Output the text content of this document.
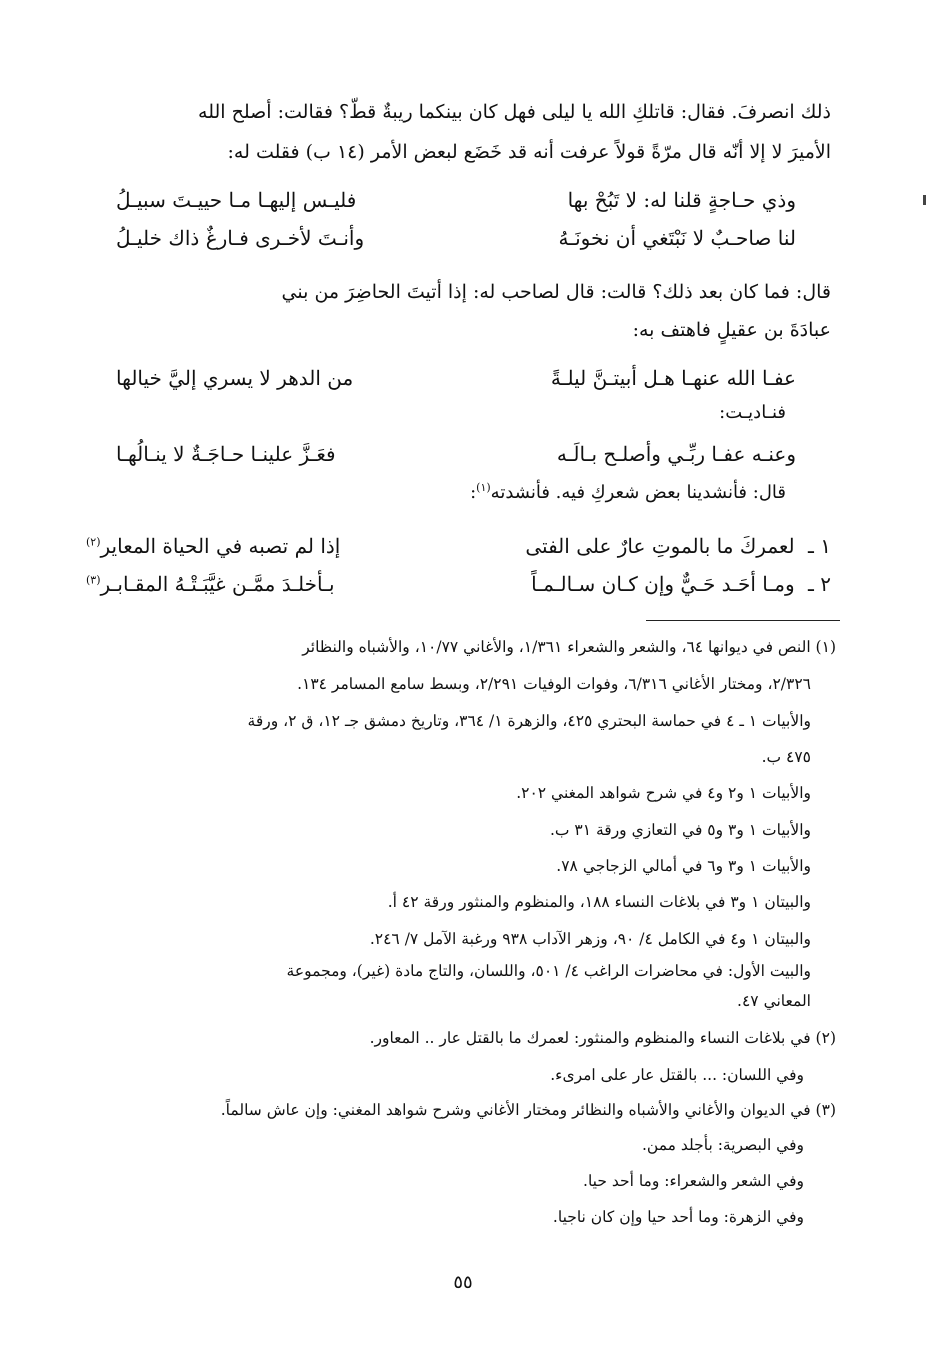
ذلك انصرفَ. فقال: قاتلكِ الله يا ليلى فهل كان بينكما ريبةٌ قطّ؟ فقالت: أصلح الله
الأميرَ لا إلا أنّه قال مرّةً قولاً عرفت أنه قد خَضَع لبعض الأمر (١٤ ب) فقلت له:
وذي حـاجةٍ قلنا له: لا تَبُحْ بها
فليـس إليهـا مـا حييـتَ سبيـلُ
لنا صاحـبٌ لا نَبْتَغي أن نخونَـهُ
وأنـتَ لأخـرى فـارغٌ ذاك خليـلُ
قال: فما كان بعد ذلك؟ قالت: قال لصاحب له: إذا أتيتَ الحاضِرَ من بني
عبادَةَ بن عقيلٍ فاهتف به:
عفـا الله عنهـا هـل أبيتـنَّ ليلـةً
من الدهر لا يسري إليَّ خيالها
فنـاديـت:
وعنـه عفـا ربِّـي وأصلـح بـالَـه
فعَـزَّ علينـا حـاجَـةٌ لا ينـالُهـا
قال: فأنشدينا بعض شعركِ فيه. فأنشدته$^{(١)}$:
١ ـ لعمركَ ما بالموتِ عارٌ على الفتى
إذا لم تصبه في الحياة المعاير$^{(٢)}$
٢ ـ ومـا أحَـد حَـيٌّ وإن كـان سـالـمـاً
بـأخلـدَ ممَّـن غيَّبَـتْـهُ المقـابـر$^{(٣)}$
(١) النص في ديوانها ٦٤، والشعر والشعراء ١/٣٦١، والأغاني ١٠/٧٧، والأشباه والنظائر
٢/٣٢٦، ومختار الأغاني ٦/٣١٦، وفوات الوفيات ٢/٢٩١، وبسط سامع المسامر ١٣٤.
والأبيات ١ ـ ٤ في حماسة البحتري ٤٢٥، والزهرة ١/ ٣٦٤، وتاريخ دمشق جـ ١٢، ق ٢، ورقة
٤٧٥ ب.
والأبيات ١ و٢ و٤ في شرح شواهد المغني ٢٠٢.
والأبيات ١ و٣ و٥ في التعازي ورقة ٣١ ب.
والأبيات ١ و٣ و٦ في أمالي الزجاجي ٧٨.
والبيتان ١ و٣ في بلاغات النساء ١٨٨، والمنظوم والمنثور ورقة ٤٢ أ.
والبيتان ١ و٤ في الكامل ٤/ ٩٠، وزهر الآداب ٩٣٨ ورغبة الآمل ٧/ ٢٤٦.
والبيت الأول: في محاضرات الراغب ٤/ ٥٠١، واللسان، والتاج مادة (غير)، ومجموعة
المعاني ٤٧.
(٢) في بلاغات النساء والمنظوم والمنثور: لعمرك ما بالقتل عار .. المعاور.
وفي اللسان: ... بالقتل عار على امرىء.
(٣) في الديوان والأغاني والأشباه والنظائر ومختار الأغاني وشرح شواهد المغني: وإن عاش سالماً.
وفي البصرية: بأجلد ممن.
وفي الشعر والشعراء: وما أحد حيا.
وفي الزهرة: وما أحد حيا وإن كان ناجيا.
٥٥
